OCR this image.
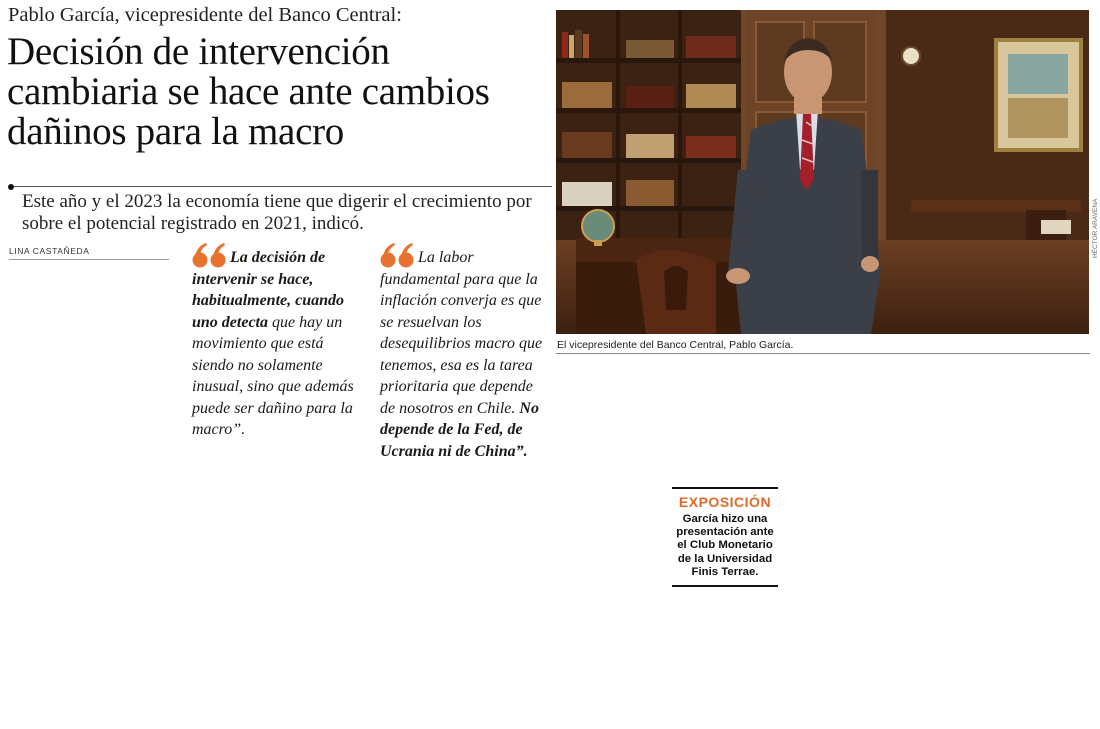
Pablo García, vicepresidente del Banco Central:
Decisión de intervención
cambiaria se hace ante cambios
dañinos para la macro
Este año y el 2023 la economía tiene que digerir el crecimiento por sobre el potencial registrado en 2021, indicó.
LINA CASTAÑEDA	La decisión de intervenir se hace, habitualmente, cuando uno detecta que hay un movimiento que está siendo no solamente inusual, sino que además puede ser dañino para la macro”.
La labor fundamental para que la inflación converja es que se resuelvan los desequilibrios macro que tenemos, esa es la tarea prioritaria que depende de nosotros en Chile. No depende de la Fed, de Ucrania ni de China”.
HÉCTOR ARAVENA
El vicepresidente del Banco Central, Pablo García.

EXPOSICIÓN
García hizo una presentación ante el Club Monetario de la Universidad Finis Terrae.
